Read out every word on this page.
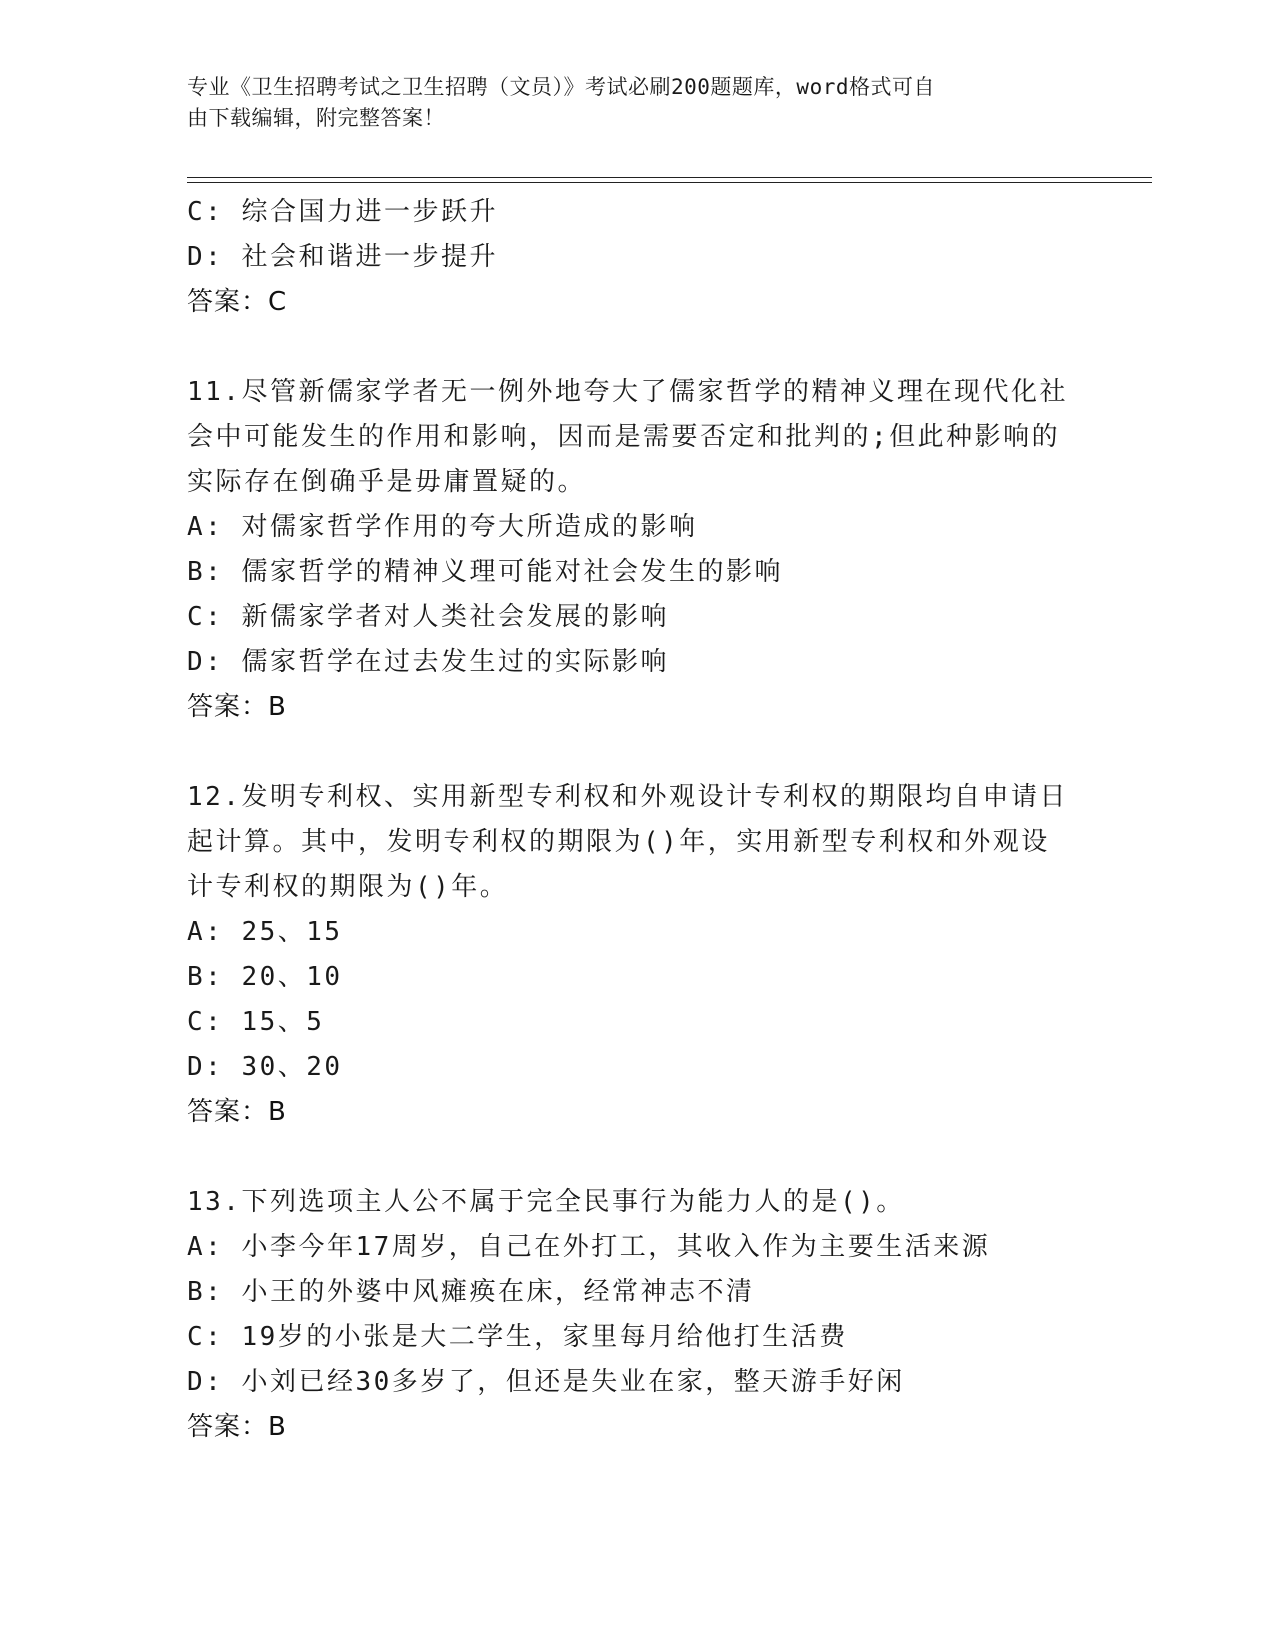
专业《卫生招聘考试之卫生招聘（文员）》考试必刷200题题库，word格式可自
由下载编辑，附完整答案！
C: 综合国力进一步跃升
D: 社会和谐进一步提升
答案：C
11.尽管新儒家学者无一例外地夸大了儒家哲学的精神义理在现代化社
会中可能发生的作用和影响，因而是需要否定和批判的;但此种影响的
实际存在倒确乎是毋庸置疑的。
A: 对儒家哲学作用的夸大所造成的影响
B: 儒家哲学的精神义理可能对社会发生的影响
C: 新儒家学者对人类社会发展的影响
D: 儒家哲学在过去发生过的实际影响
答案：B
12.发明专利权、实用新型专利权和外观设计专利权的期限均自申请日
起计算。其中，发明专利权的期限为()年，实用新型专利权和外观设
计专利权的期限为()年。
A: 25、15
B: 20、10
C: 15、5
D: 30、20
答案：B
13.下列选项主人公不属于完全民事行为能力人的是()。
A: 小李今年17周岁，自己在外打工，其收入作为主要生活来源
B: 小王的外婆中风瘫痪在床，经常神志不清
C: 19岁的小张是大二学生，家里每月给他打生活费
D: 小刘已经30多岁了，但还是失业在家，整天游手好闲
答案：B
